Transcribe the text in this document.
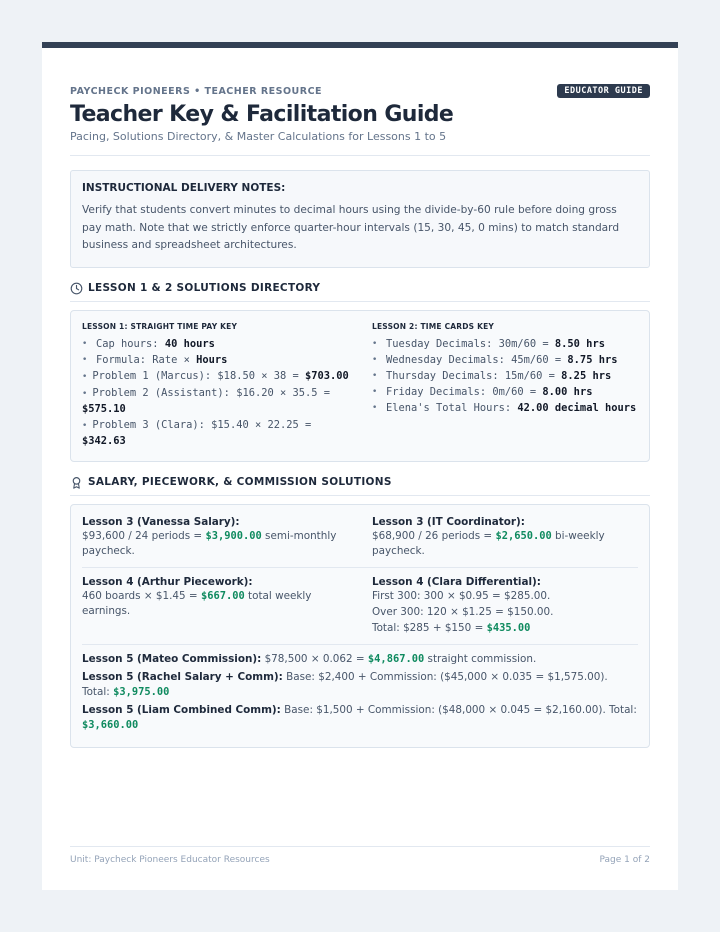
PAYCHECK PIONEERS • TEACHER RESOURCE	EDUCATOR GUIDE
Teacher Key & Facilitation Guide
Pacing, Solutions Directory, & Master Calculations for Lessons 1 to 5
INSTRUCTIONAL DELIVERY NOTES:
Verify that students convert minutes to decimal hours using the divide-by-60 rule before doing gross pay math. Note that we strictly enforce quarter-hour intervals (15, 30, 45, 0 mins) to match standard business and spreadsheet architectures.
LESSON 1 & 2 SOLUTIONS DIRECTORY
LESSON 1: STRAIGHT TIME PAY KEY
• Cap hours: 40 hours
• Formula: Rate × Hours
• Problem 1 (Marcus): $18.50 × 38 = $703.00
• Problem 2 (Assistant): $16.20 × 35.5 = $575.10
• Problem 3 (Clara): $15.40 × 22.25 = $342.63
LESSON 2: TIME CARDS KEY
• Tuesday Decimals: 30m/60 = 8.50 hrs
• Wednesday Decimals: 45m/60 = 8.75 hrs
• Thursday Decimals: 15m/60 = 8.25 hrs
• Friday Decimals: 0m/60 = 8.00 hrs
• Elena's Total Hours: 42.00 decimal hours
SALARY, PIECEWORK, & COMMISSION SOLUTIONS
Lesson 3 (Vanessa Salary):
$93,600 / 24 periods = $3,900.00 semi-monthly paycheck.
Lesson 3 (IT Coordinator):
$68,900 / 26 periods = $2,650.00 bi-weekly paycheck.
Lesson 4 (Arthur Piecework):
460 boards × $1.45 = $667.00 total weekly earnings.
Lesson 4 (Clara Differential):
First 300: 300 × $0.95 = $285.00.
Over 300: 120 × $1.25 = $150.00.
Total: $285 + $150 = $435.00
Lesson 5 (Mateo Commission): $78,500 × 0.062 = $4,867.00 straight commission.
Lesson 5 (Rachel Salary + Comm): Base: $2,400 + Commission: ($45,000 × 0.035 = $1,575.00). Total: $3,975.00
Lesson 5 (Liam Combined Comm): Base: $1,500 + Commission: ($48,000 × 0.045 = $2,160.00). Total: $3,660.00
Unit: Paycheck Pioneers Educator Resources	Page 1 of 2
